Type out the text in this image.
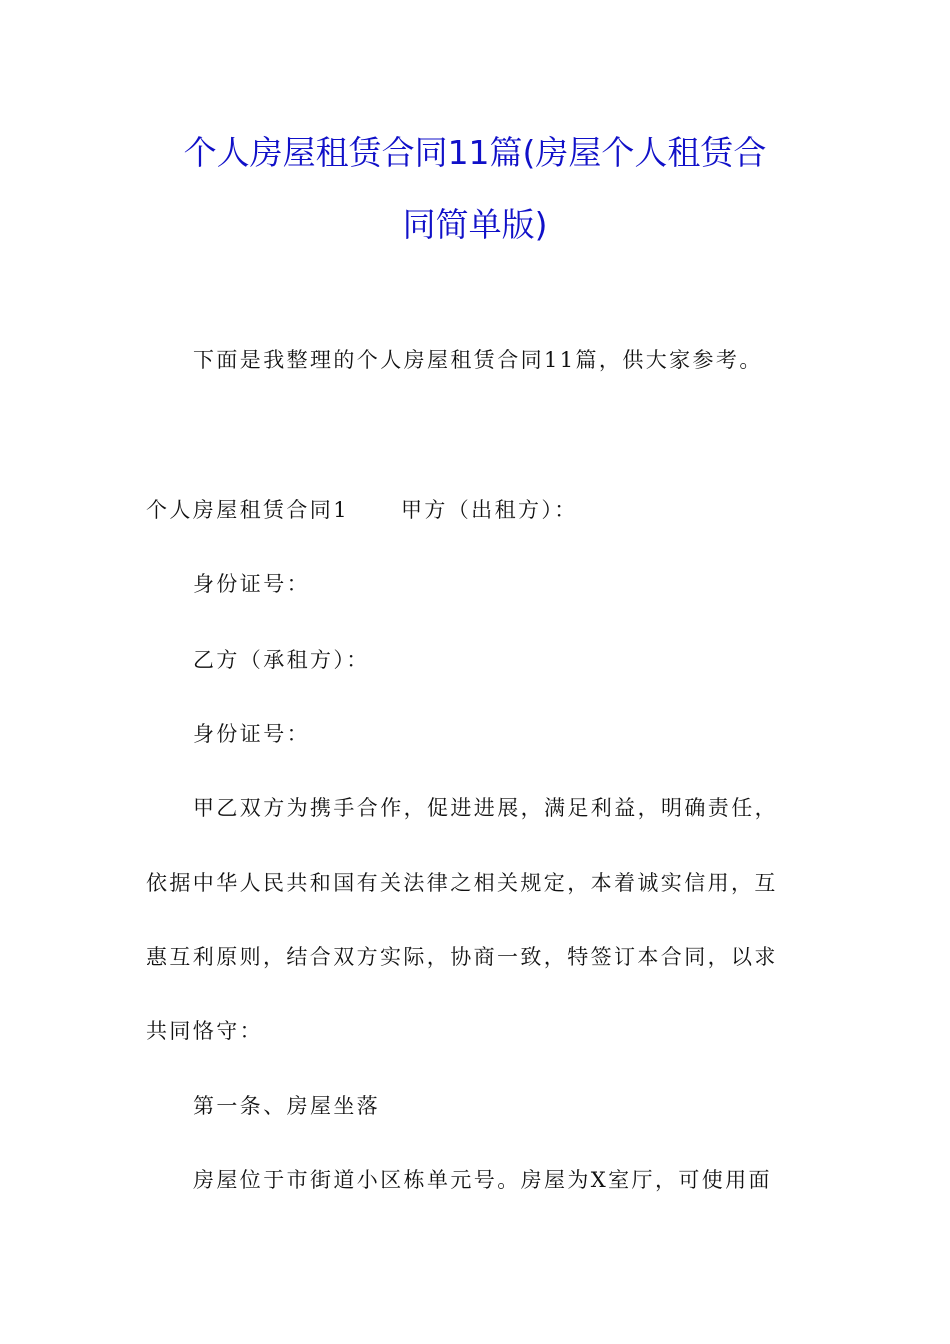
个人房屋租赁合同11篇(房屋个人租赁合
同简单版)
下面是我整理的个人房屋租赁合同11篇，供大家参考。
个人房屋租赁合同1 甲方（出租方）：
身份证号：
乙方（承租方）：
身份证号：
甲乙双方为携手合作，促进进展，满足利益，明确责任，
依据中华人民共和国有关法律之相关规定，本着诚实信用，互
惠互利原则，结合双方实际，协商一致，特签订本合同，以求
共同恪守：
第一条、房屋坐落
房屋位于市街道小区栋单元号。房屋为X室厅，可使用面
